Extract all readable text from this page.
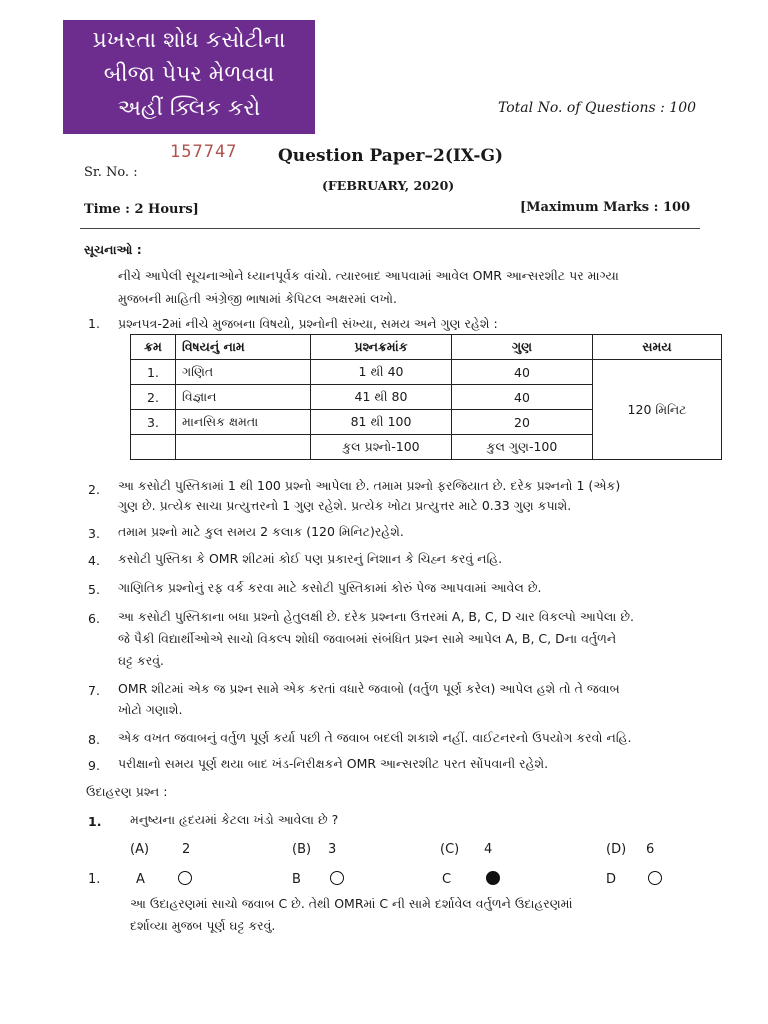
પ્રખરતા શોધ કસોટીના
બીજા પેપર મેળવવા
અહીં ક્લિક કરો	Total No. of Questions : 100
Sr. No. :
157747 Question Paper–2(IX-G)
(FEBRUARY, 2020)
Time : 2 Hours]	[Maximum Marks : 100
સૂચનાઓ :
નીચે આપેલી સૂચનાઓને ધ્યાનપૂર્વક વાંચો. ત્યારબાદ આપવામાં આવેલ OMR આન્સરશીટ પર માગ્યા
મુજબની માહિતી અંગ્રેજી ભાષામાં કેપિટલ અક્ષરમાં લખો.
1. પ્રશ્નપત્ર-2માં નીચે મુજબના વિષયો, પ્રશ્નોની સંખ્યા, સમય અને ગુણ રહેશે :
ક્રમ	વિષયનું નામ	પ્રશ્નક્રમાંક	ગુણ	સમય
1.	ગણિત	1 થી 40	40	120 મિનિટ
2.	વિજ્ઞાન	41 થી 80	40	
3.	માનસિક ક્ષમતા	81 થી 100	20	
		કુલ પ્રશ્નો-100	કુલ ગુણ-100	
2. આ કસોટી પુસ્તિકામાં 1 થી 100 પ્રશ્નો આપેલા છે. તમામ પ્રશ્નો ફરજિયાત છે. દરેક પ્રશ્નનો 1 (એક)
ગુણ છે. પ્રત્યેક સાચા પ્રત્યુત્તરનો 1 ગુણ રહેશે. પ્રત્યેક ખોટા પ્રત્યુત્તર માટે 0.33 ગુણ કપાશે.
3. તમામ પ્રશ્નો માટે કુલ સમય 2 કલાક (120 મિનિટ)રહેશે.
4. કસોટી પુસ્તિકા કે OMR શીટમાં કોઈ પણ પ્રકારનું નિશાન કે ચિહ્ન કરવું નહિ.
5. ગાણિતિક પ્રશ્નોનું રફ વર્ક કરવા માટે કસોટી પુસ્તિકામાં કોરું પેજ આપવામાં આવેલ છે.
6. આ કસોટી પુસ્તિકાના બધા પ્રશ્નો હેતુલક્ષી છે. દરેક પ્રશ્નના ઉત્તરમાં A, B, C, D ચાર વિકલ્પો આપેલા છે.
જે પૈકી વિદ્યાર્થીઓએ સાચો વિકલ્પ શોધી જવાબમાં સંબંધિત પ્રશ્ન સામે આપેલ A, B, C, Dના વર્તુળને
ઘટ્ટ કરવું.
7. OMR શીટમાં એક જ પ્રશ્ન સામે એક કરતાં વધારે જવાબો (વર્તુળ પૂર્ણ કરેલ) આપેલ હશે તો તે જવાબ
ખોટો ગણાશે.
8. એક વખત જવાબનું વર્તુળ પૂર્ણ કર્યા પછી તે જવાબ બદલી શકાશે નહીં. વાઈટનરનો ઉપયોગ કરવો નહિ.
9. પરીક્ષાનો સમય પૂર્ણ થયા બાદ ખંડ-નિરીક્ષકને OMR આન્સરશીટ પરત સોંપવાની રહેશે.
ઉદાહરણ પ્રશ્ન :
1. મનુષ્યના હૃદયમાં કેટલા ખંડો આવેલા છે ?
(A)	2	(B) 3	(C) 4	(D) 6
1.	A	B	C	D
આ ઉદાહરણમાં સાચો જવાબ C છે. તેથી OMRમાં C ની સામે દર્શાવેલ વર્તુળને ઉદાહરણમાં
દર્શાવ્યા મુજબ પૂર્ણ ઘટ્ટ કરવું.
